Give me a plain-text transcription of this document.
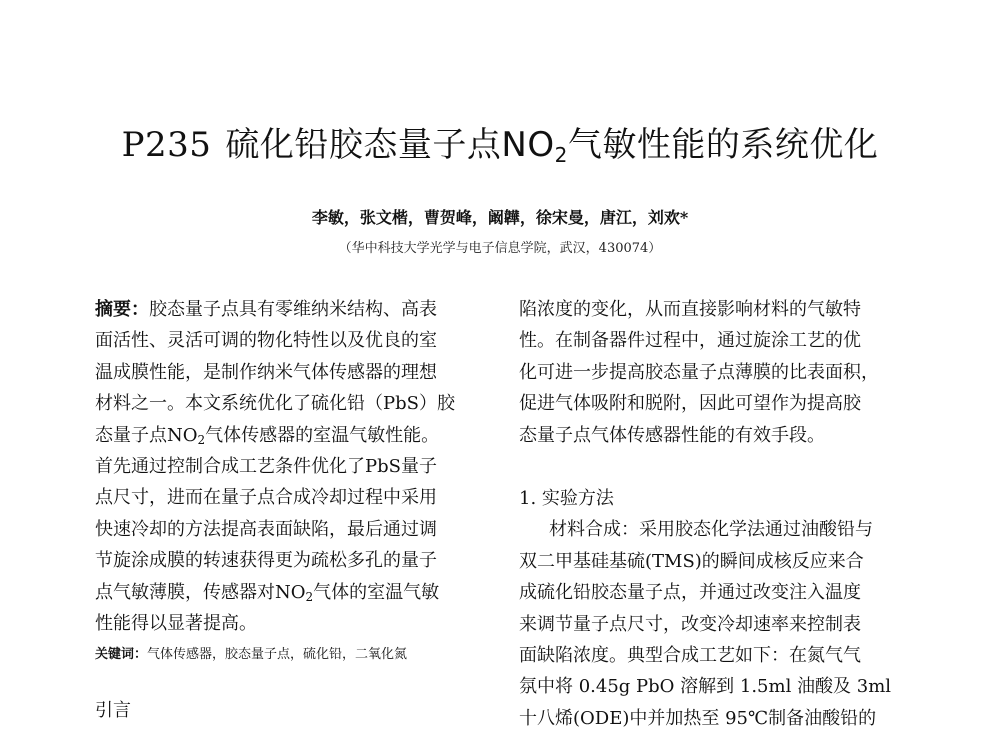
P235 硫化铅胶态量子点$NO_2$气敏性能的系统优化
李敏，张文楷，曹贺峰，阚韡，徐宋曼，唐江，刘欢*
（华中科技大学光学与电子信息学院，武汉，430074）
摘要：胶态量子点具有零维纳米结构、高表
面活性、灵活可调的物化特性以及优良的室
温成膜性能，是制作纳米气体传感器的理想
材料之一。本文系统优化了硫化铅（PbS）胶
态量子点$NO_2$气体传感器的室温气敏性能。
首先通过控制合成工艺条件优化了PbS量子
点尺寸，进而在量子点合成冷却过程中采用
快速冷却的方法提高表面缺陷，最后通过调
节旋涂成膜的转速获得更为疏松多孔的量子
点气敏薄膜，传感器对$NO_2$气体的室温气敏
性能得以显著提高。
关键词：气体传感器，胶态量子点，硫化铅，二氧化氮
引言
陷浓度的变化，从而直接影响材料的气敏特
性。在制备器件过程中，通过旋涂工艺的优
化可进一步提高胶态量子点薄膜的比表面积，
促进气体吸附和脱附，因此可望作为提高胶
态量子点气体传感器性能的有效手段。
1. 实验方法
材料合成：采用胶态化学法通过油酸铅与
双二甲基硅基硫(TMS)的瞬间成核反应来合
成硫化铅胶态量子点，并通过改变注入温度
来调节量子点尺寸，改变冷却速率来控制表
面缺陷浓度。典型合成工艺如下：在氮气气
氛中将 0.45g PbO 溶解到 1.5ml 油酸及 3ml
十八烯(ODE)中并加热至 95℃制备油酸铅的
